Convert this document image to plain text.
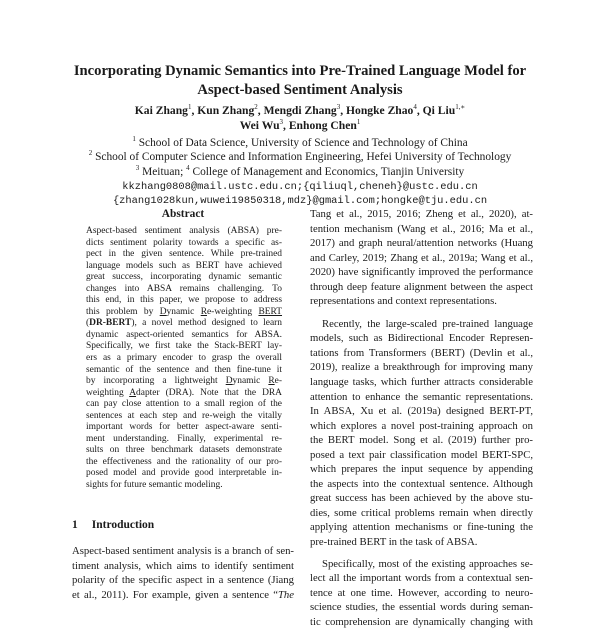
Incorporating Dynamic Semantics into Pre-Trained Language Model for
Aspect-based Sentiment Analysis
Kai Zhang$^1$, Kun Zhang$^2$, Mengdi Zhang$^3$, Hongke Zhao$^4$, Qi Liu$^{1,∗}$
Wei Wu$^3$, Enhong Chen$^1$
$^1$ School of Data Science, University of Science and Technology of China
$^2$ School of Computer Science and Information Engineering, Hefei University of Technology
$^3$ Meituan; $^4$ College of Management and Economics, Tianjin University
kkzhang0808@mail.ustc.edu.cn;{qiliuql,cheneh}@ustc.edu.cn
{zhang1028kun,wuwei19850318,mdz}@gmail.com;hongke@tju.edu.cn
Abstract
Aspect-based sentiment analysis (ABSA) pre-
dicts sentiment polarity towards a specific as-
pect in the given sentence. While pre-trained
language models such as BERT have achieved
great success, incorporating dynamic semantic
changes into ABSA remains challenging. To
this end, in this paper, we propose to address
this problem by Dynamic Re-weighting BERT
(DR-BERT), a novel method designed to learn
dynamic aspect-oriented semantics for ABSA.
Specifically, we first take the Stack-BERT lay-
ers as a primary encoder to grasp the overall
semantic of the sentence and then fine-tune it
by incorporating a lightweight Dynamic Re-
weighting Adapter (DRA). Note that the DRA
can pay close attention to a small region of the
sentences at each step and re-weigh the vitally
important words for better aspect-aware senti-
ment understanding. Finally, experimental re-
sults on three benchmark datasets demonstrate
the effectiveness and the rationality of our pro-
posed model and provide good interpretable in-
sights for future semantic modeling.
1 Introduction
Aspect-based sentiment analysis is a branch of sen-
timent analysis, which aims to identify sentiment
polarity of the specific aspect in a sentence (Jiang
et al., 2011). For example, given a sentence “The
Tang et al., 2015, 2016; Zheng et al., 2020), at-
tention mechanism (Wang et al., 2016; Ma et al.,
2017) and graph neural/attention networks (Huang
and Carley, 2019; Zhang et al., 2019a; Wang et al.,
2020) have significantly improved the performance
through deep feature alignment between the aspect
representations and context representations.
Recently, the large-scaled pre-trained language
models, such as Bidirectional Encoder Represen-
tations from Transformers (BERT) (Devlin et al.,
2019), realize a breakthrough for improving many
language tasks, which further attracts considerable
attention to enhance the semantic representations.
In ABSA, Xu et al. (2019a) designed BERT-PT,
which explores a novel post-training approach on
the BERT model. Song et al. (2019) further pro-
posed a text pair classification model BERT-SPC,
which prepares the input sequence by appending
the aspects into the contextual sentence. Although
great success has been achieved by the above stu-
dies, some critical problems remain when directly
applying attention mechanisms or fine-tuning the
pre-trained BERT in the task of ABSA.
Specifically, most of the existing approaches se-
lect all the important words from a contextual sen-
tence at one time. However, according to neuro-
science studies, the essential words during seman-
tic comprehension are dynamically changing with
